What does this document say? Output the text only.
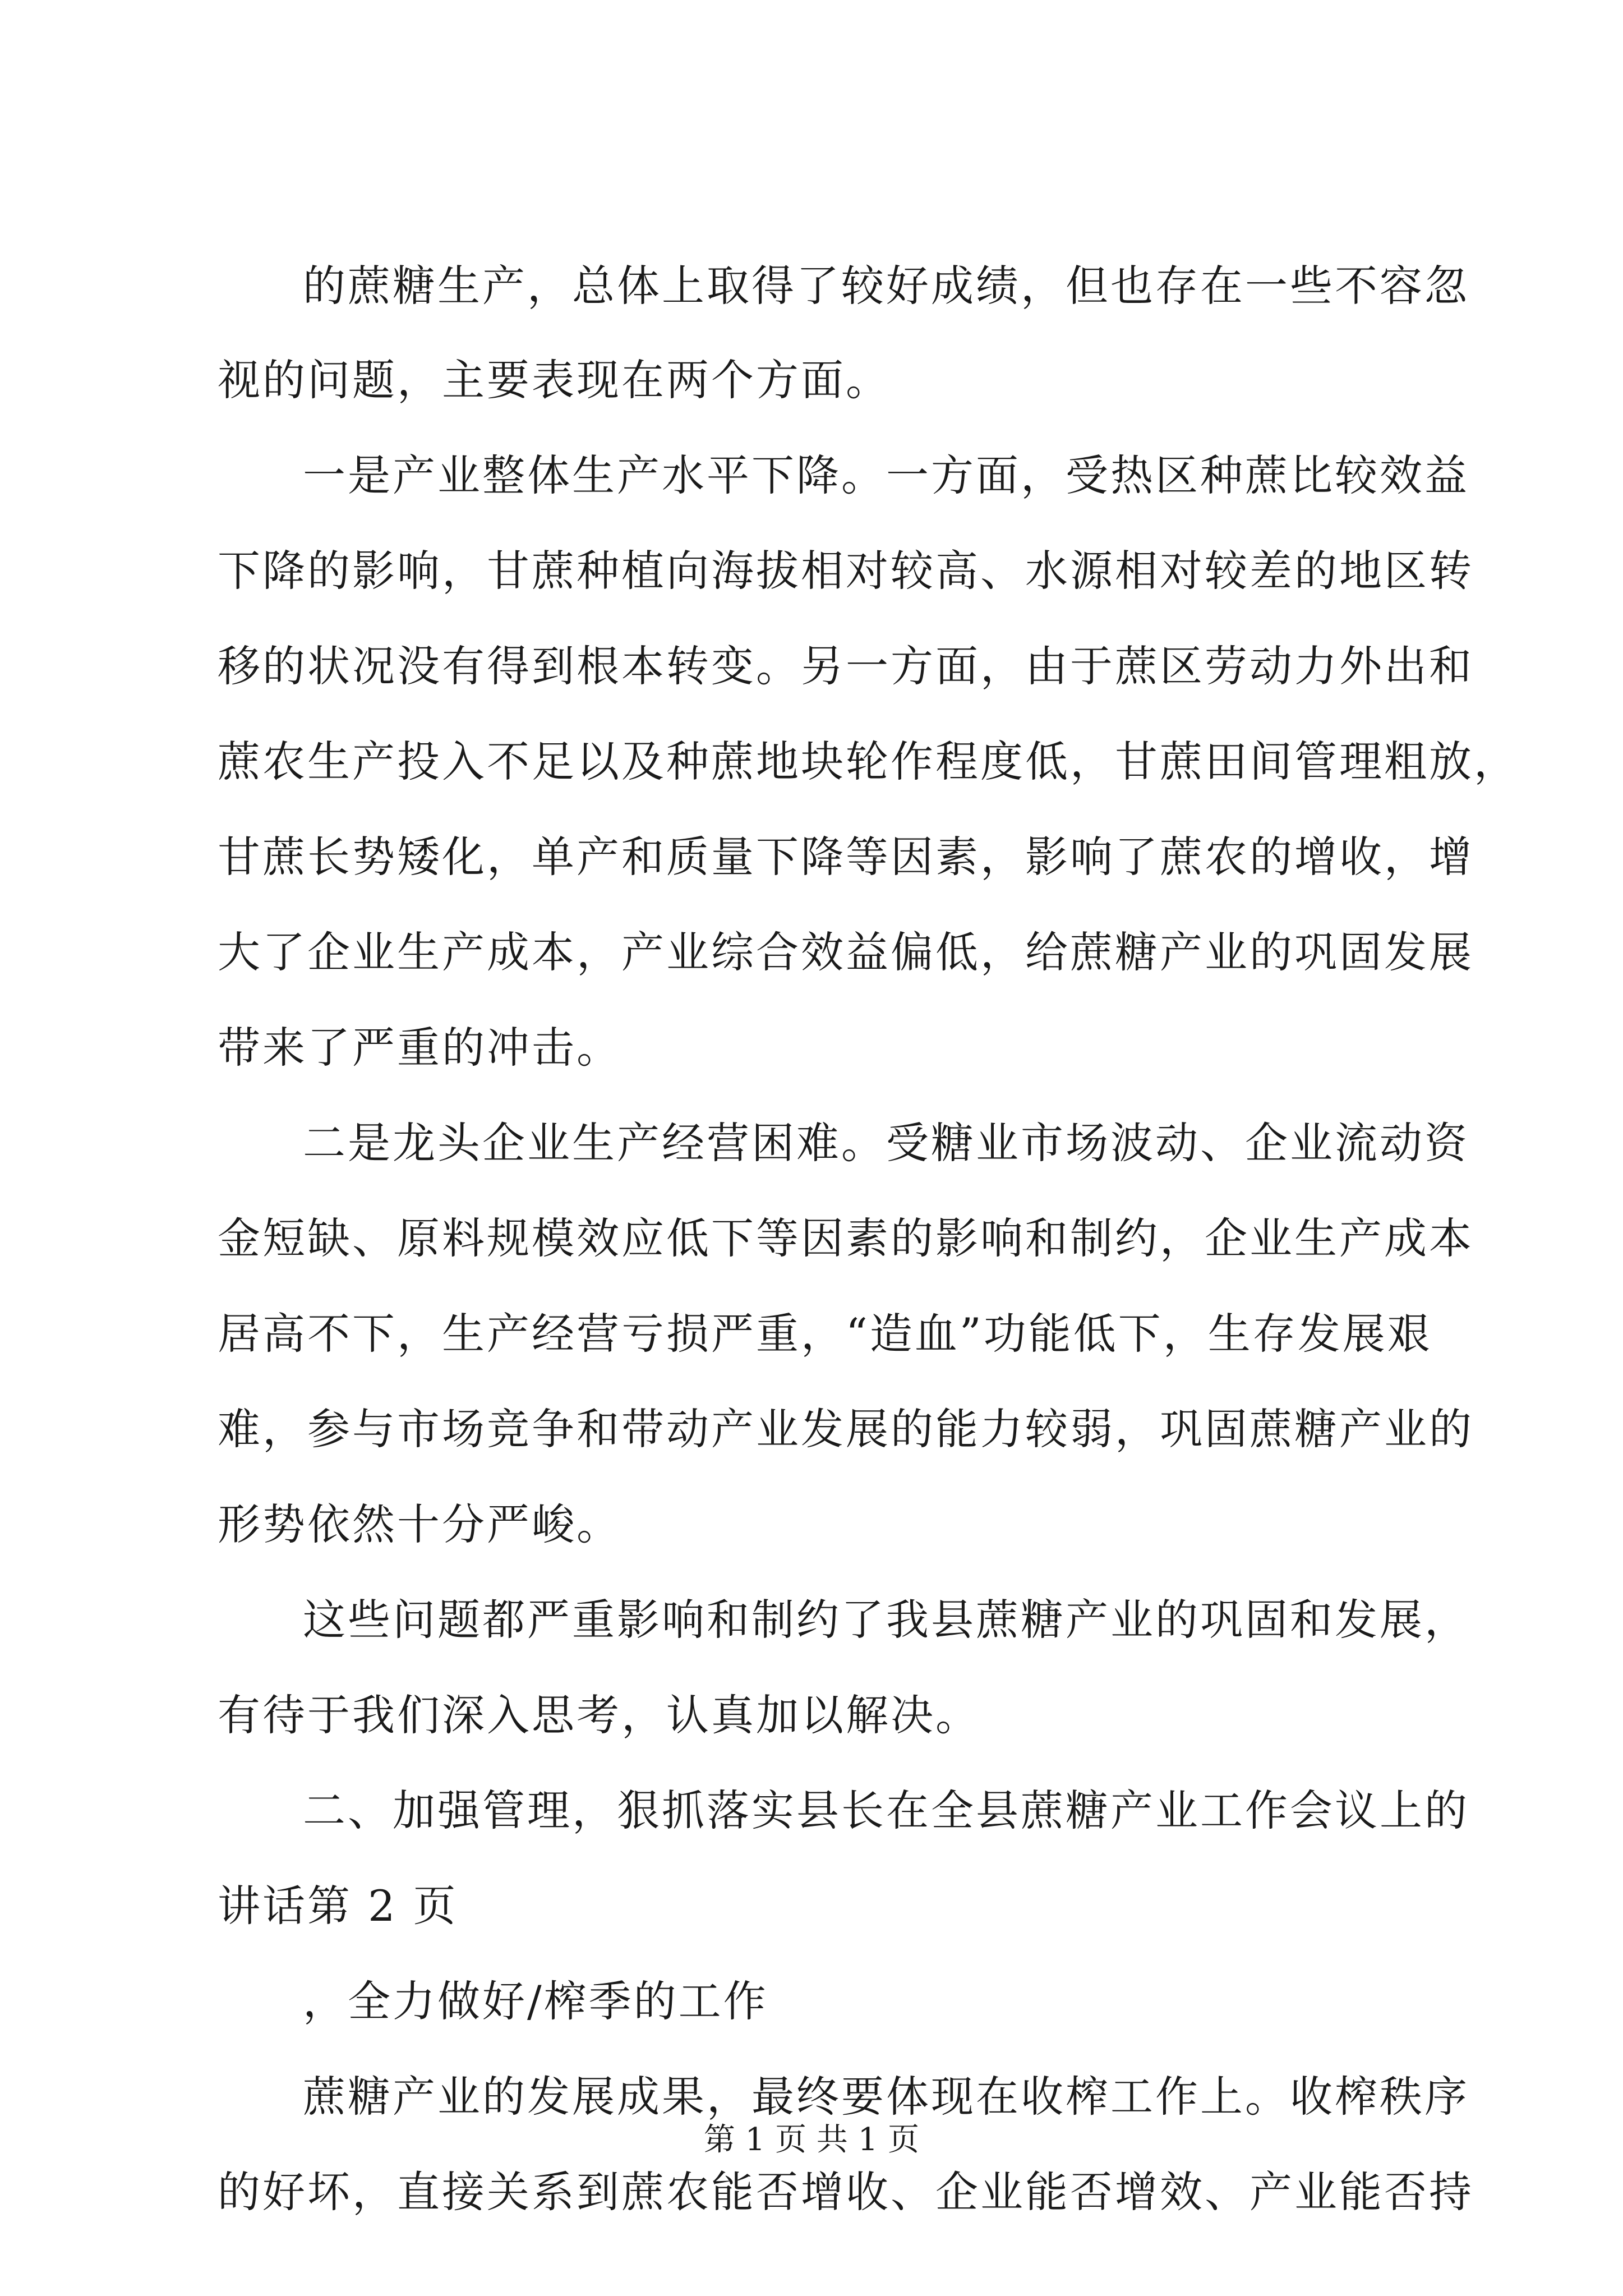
的蔗糖生产，总体上取得了较好成绩，但也存在一些不容忽
视的问题，主要表现在两个方面。
一是产业整体生产水平下降。一方面，受热区种蔗比较效益
下降的影响，甘蔗种植向海拔相对较高、水源相对较差的地区转
移的状况没有得到根本转变。另一方面，由于蔗区劳动力外出和
蔗农生产投入不足以及种蔗地块轮作程度低，甘蔗田间管理粗放，
甘蔗长势矮化，单产和质量下降等因素，影响了蔗农的增收，增
大了企业生产成本，产业综合效益偏低，给蔗糖产业的巩固发展
带来了严重的冲击。
二是龙头企业生产经营困难。受糖业市场波动、企业流动资
金短缺、原料规模效应低下等因素的影响和制约，企业生产成本
居高不下，生产经营亏损严重，“造血”功能低下，生存发展艰
难，参与市场竞争和带动产业发展的能力较弱，巩固蔗糖产业的
形势依然十分严峻。
这些问题都严重影响和制约了我县蔗糖产业的巩固和发展，
有待于我们深入思考，认真加以解决。
二、加强管理，狠抓落实县长在全县蔗糖产业工作会议上的
讲话第 2 页
，全力做好/榨季的工作
蔗糖产业的发展成果，最终要体现在收榨工作上。收榨秩序
的好坏，直接关系到蔗农能否增收、企业能否增效、产业能否持
第 1 页 共 1 页
